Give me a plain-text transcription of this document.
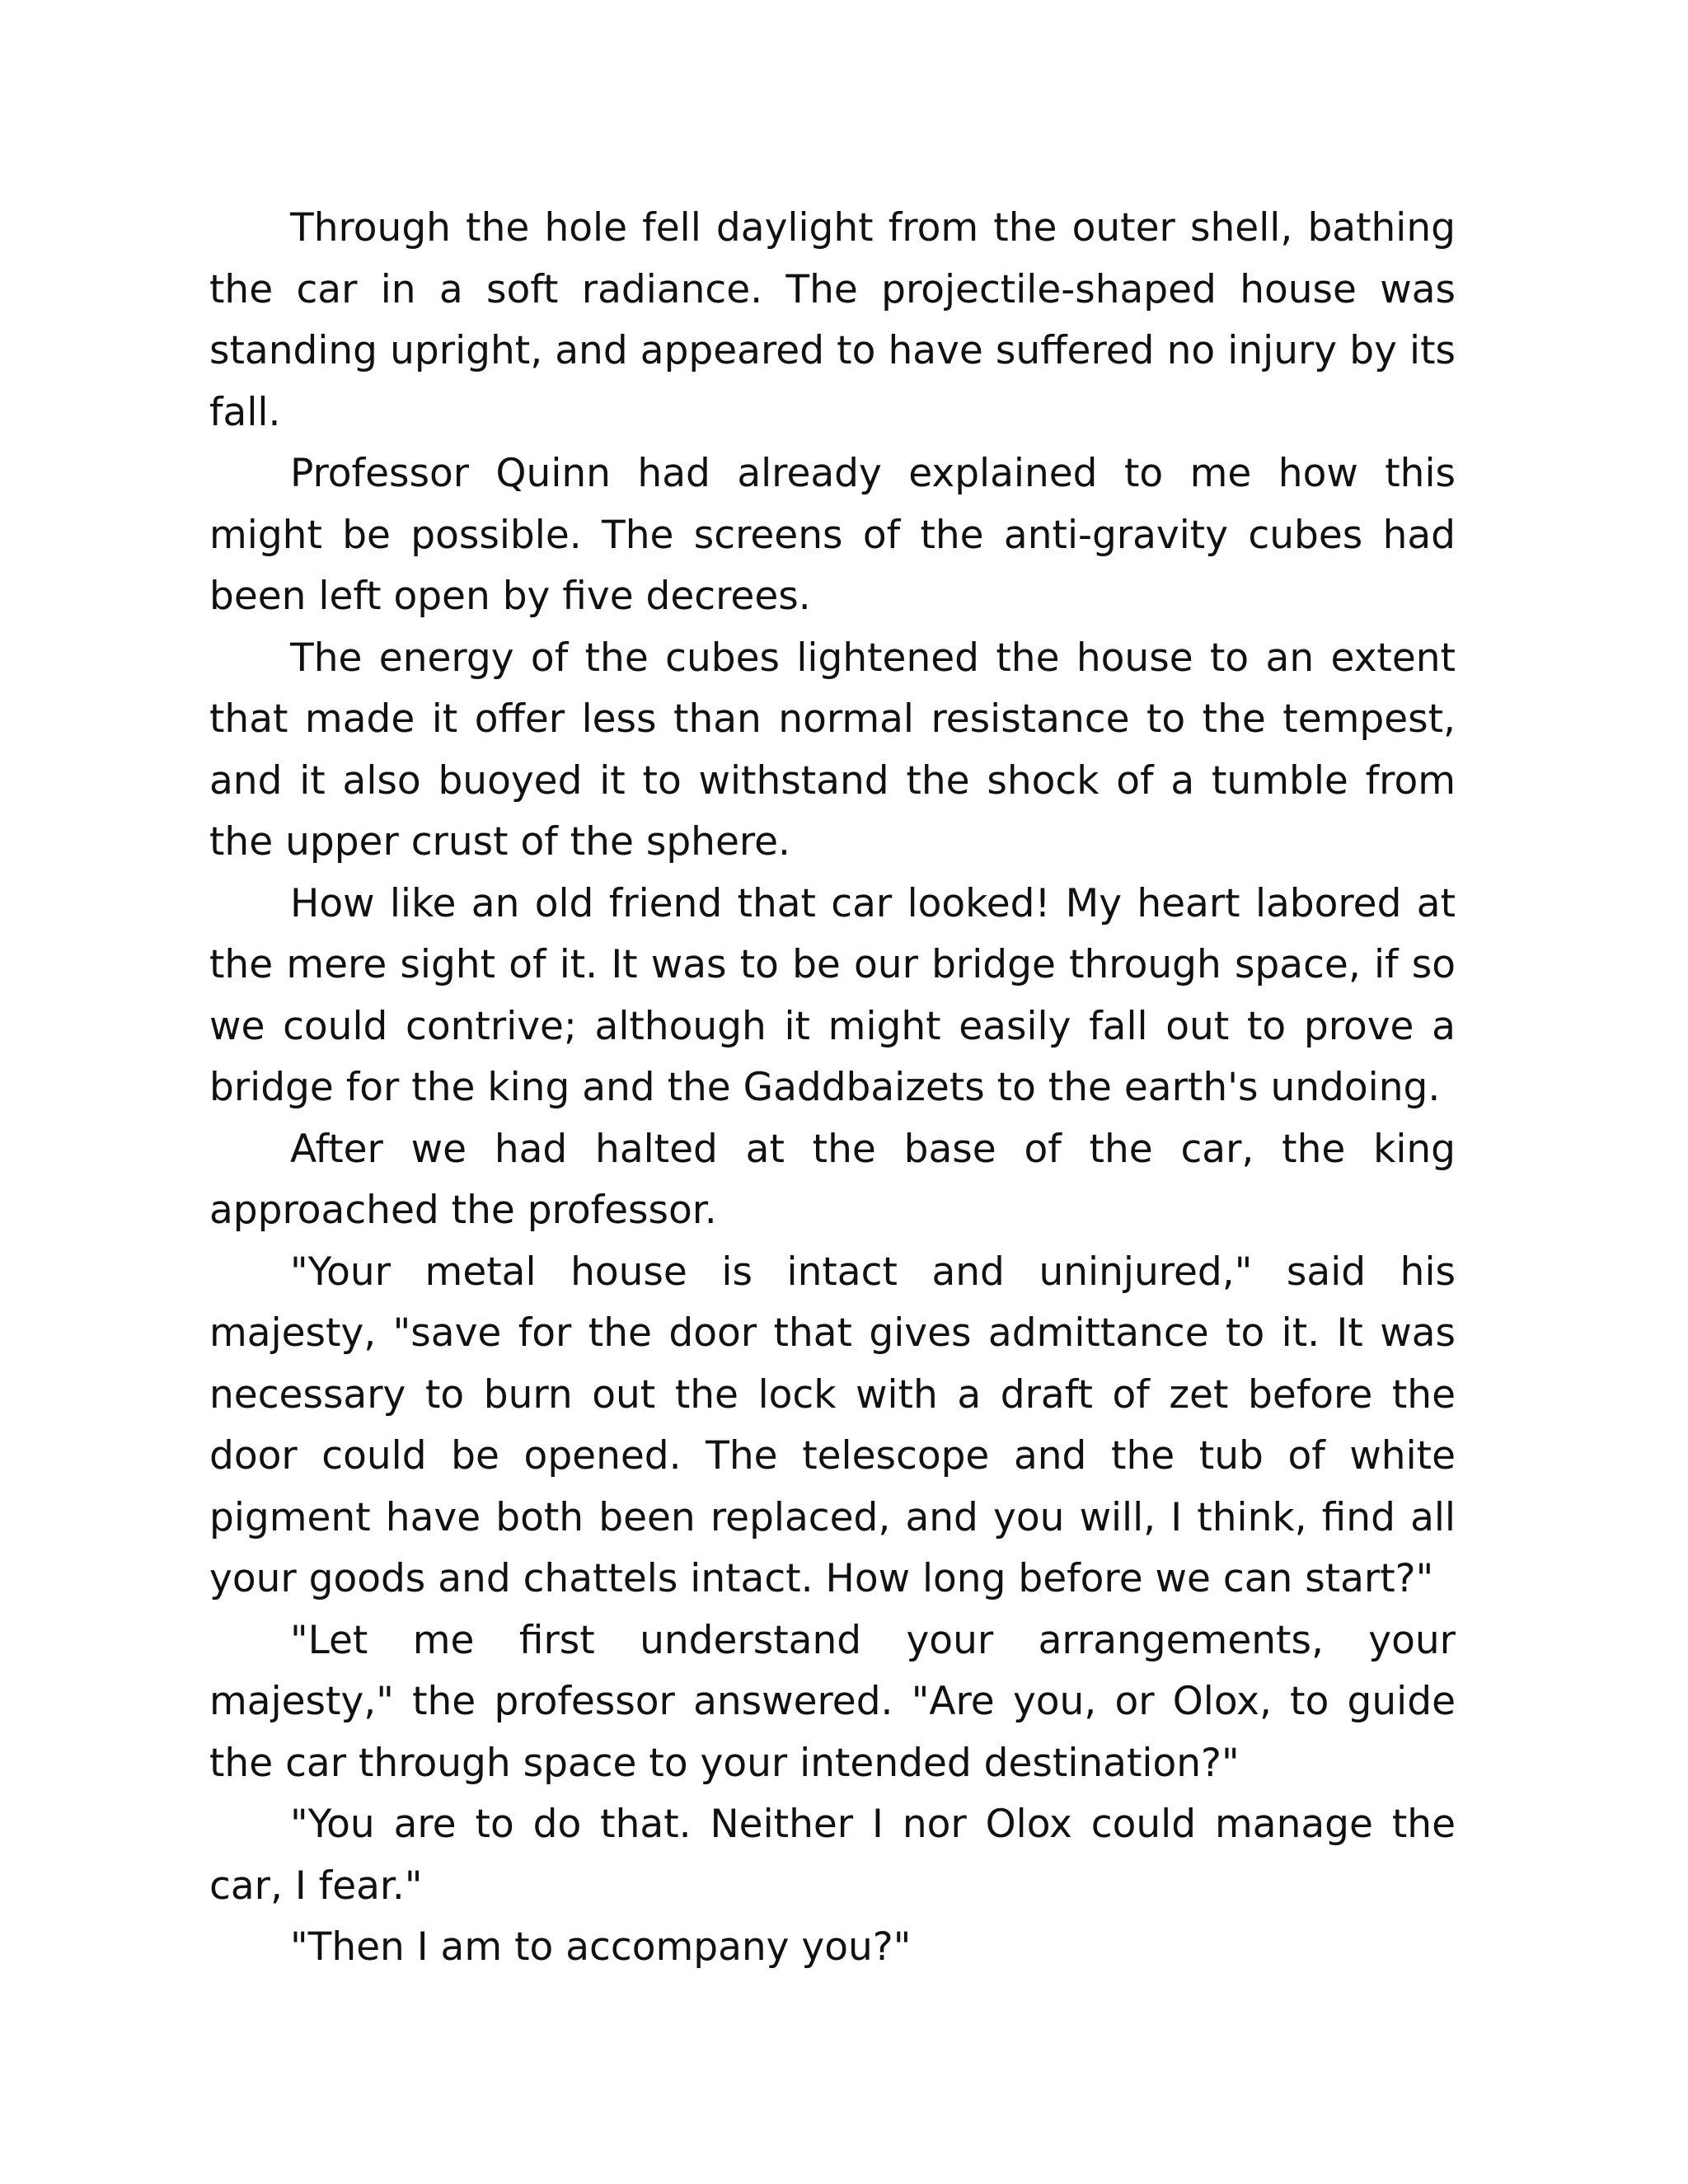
Through the hole fell daylight from the outer shell, bathing the car in a soft radiance. The projectile-shaped house was standing upright, and appeared to have suffered no injury by its fall.

Professor Quinn had already explained to me how this might be possible. The screens of the anti-gravity cubes had been left open by five decrees.

The energy of the cubes lightened the house to an extent that made it offer less than normal resistance to the tempest, and it also buoyed it to withstand the shock of a tumble from the upper crust of the sphere.

How like an old friend that car looked! My heart labored at the mere sight of it. It was to be our bridge through space, if so we could contrive; although it might easily fall out to prove a bridge for the king and the Gaddbaizets to the earth's undoing.

After we had halted at the base of the car, the king approached the professor.

"Your metal house is intact and uninjured," said his majesty, "save for the door that gives admittance to it. It was necessary to burn out the lock with a draft of zet before the door could be opened. The telescope and the tub of white pigment have both been replaced, and you will, I think, find all your goods and chattels intact. How long before we can start?"

"Let me first understand your arrangements, your majesty," the professor answered. "Are you, or Olox, to guide the car through space to your intended destination?"

"You are to do that. Neither I nor Olox could manage the car, I fear."

"Then I am to accompany you?"
